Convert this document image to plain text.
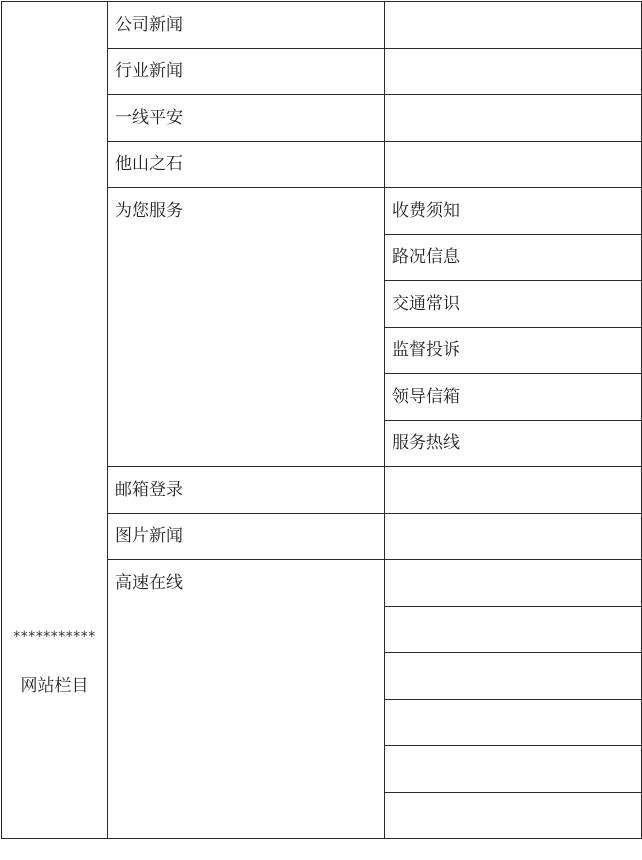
***********
网站栏目	公司新闻	
	行业新闻	
	一线平安	
	他山之石	
	为您服务	收费须知
		路况信息
		交通常识
		监督投诉
		领导信箱
		服务热线
	邮箱登录	
	图片新闻	
	高速在线	
